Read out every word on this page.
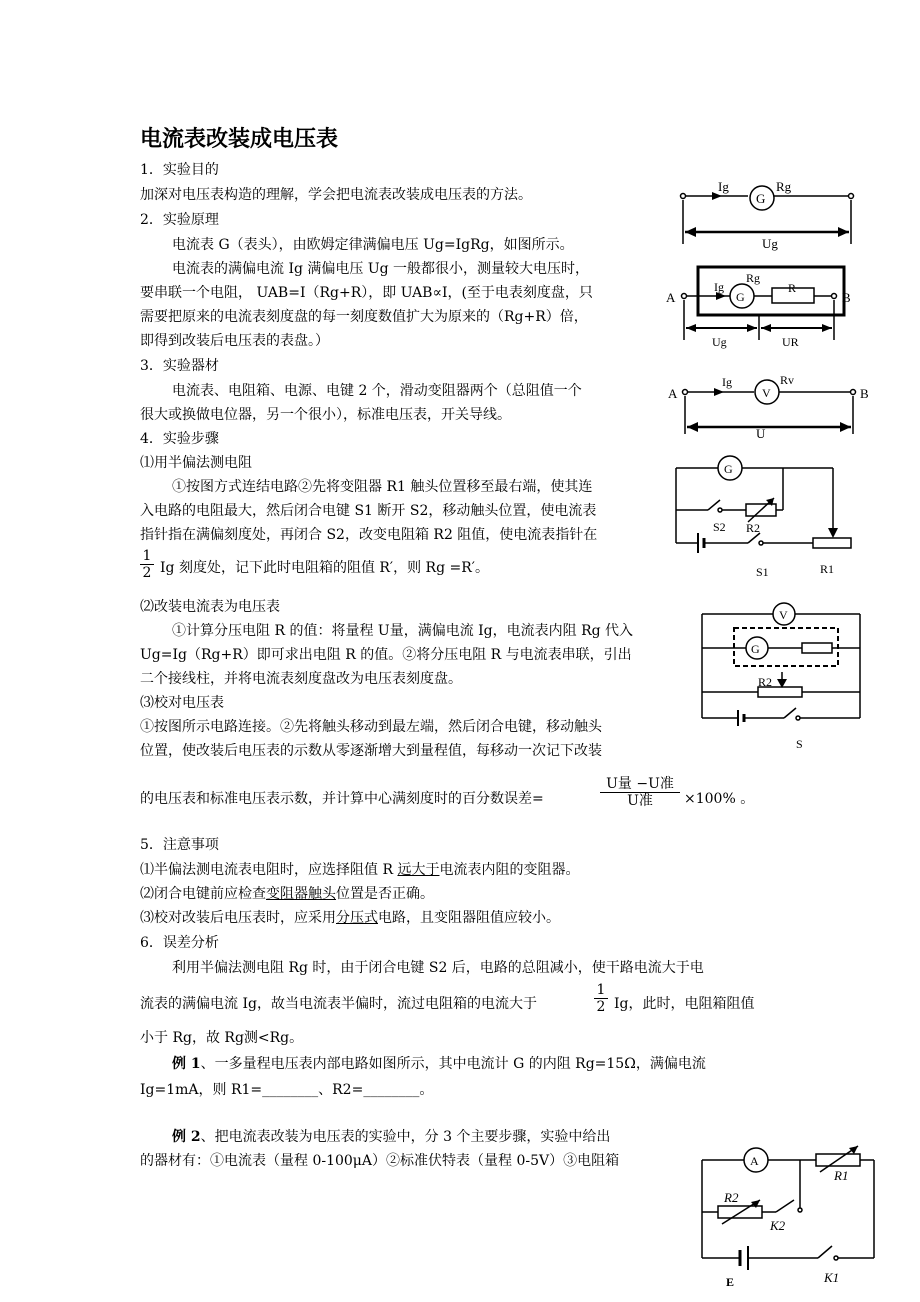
电流表改装成电压表
1．实验目的
加深对电压表构造的理解，学会把电流表改装成电压表的方法。
2．实验原理
电流表 G（表头），由欧姆定律满偏电压 Ug=IgRg，如图所示。
电流表的满偏电流 Ig 满偏电压 Ug 一般都很小，测量较大电压时，
要串联一个电阻， UAB=I（Rg+R），即 UAB∝I，(至于电表刻度盘，只
需要把原来的电流表刻度盘的每一刻度数值扩大为原来的（Rg+R）倍，
即得到改装后电压表的表盘。）
3．实验器材
电流表、电阻箱、电源、电键 2 个，滑动变阻器两个（总阻值一个
很大或换做电位器，另一个很小），标准电压表，开关导线。
4．实验步骤
⑴用半偏法测电阻
①按图方式连结电路②先将变阻器 R1 触头位置移至最右端，使其连
入电路的电阻最大，然后闭合电键 S1 断开 S2，移动触头位置，使电流表
指针指在满偏刻度处，再闭合 S2，改变电阻箱 R2 阻值，使电流表指针在
$\frac{1}{2}$ Ig 刻度处，记下此时电阻箱的阻值 R′，则 Rg =R′。
⑵改装电流表为电压表
①计算分压电阻 R 的值：将量程 U量，满偏电流 Ig，电流表内阻 Rg 代入
Ug=Ig（Rg+R）即可求出电阻 R 的值。②将分压电阻 R 与电流表串联，引出
二个接线柱，并将电流表刻度盘改为电压表刻度盘。
⑶校对电压表
①按图所示电路连接。②先将触头移动到最左端，然后闭合电键，移动触头
位置，使改装后电压表的示数从零逐渐增大到量程值，每移动一次记下改装
的电压表和标准电压表示数，并计算中心满刻度时的百分数误差=
U量 −U准
U准	×100% 。
5．注意事项
⑴半偏法测电流表电阻时，应选择阻值 R 远大于电流表内阻的变阻器。
⑵闭合电键前应检查变阻器触头位置是否正确。
⑶校对改装后电压表时，应采用分压式电路，且变阻器阻值应较小。
6．误差分析
利用半偏法测电阻 Rg 时，由于闭合电键 S2 后，电路的总阻减小，使干路电流大于电
流表的满偏电流 Ig，故当电流表半偏时，流过电阻箱的电流大于	$\frac{1}{2}$ Ig，此时，电阻箱阻值
小于 Rg，故 Rg测<Rg。
例 1、一多量程电压表内部电路如图所示，其中电流计 G 的内阻 Rg=15Ω，满偏电流
Ig=1mA，则 R1=________、R2=________。
例 2、把电流表改装为电压表的实验中，分 3 个主要步骤，实验中给出
的器材有：①电流表（量程 0-100μA）②标准伏特表（量程 0-5V）③电阻箱
G
Ig	Rg
Ug
A	B
Ig
G
Rg
R
Ug	UR
A	B
Ig
V
Rv
U
G
S2 R2
S1	R1
V
G
R2
S
A
R1
R2
K2
E	K1
